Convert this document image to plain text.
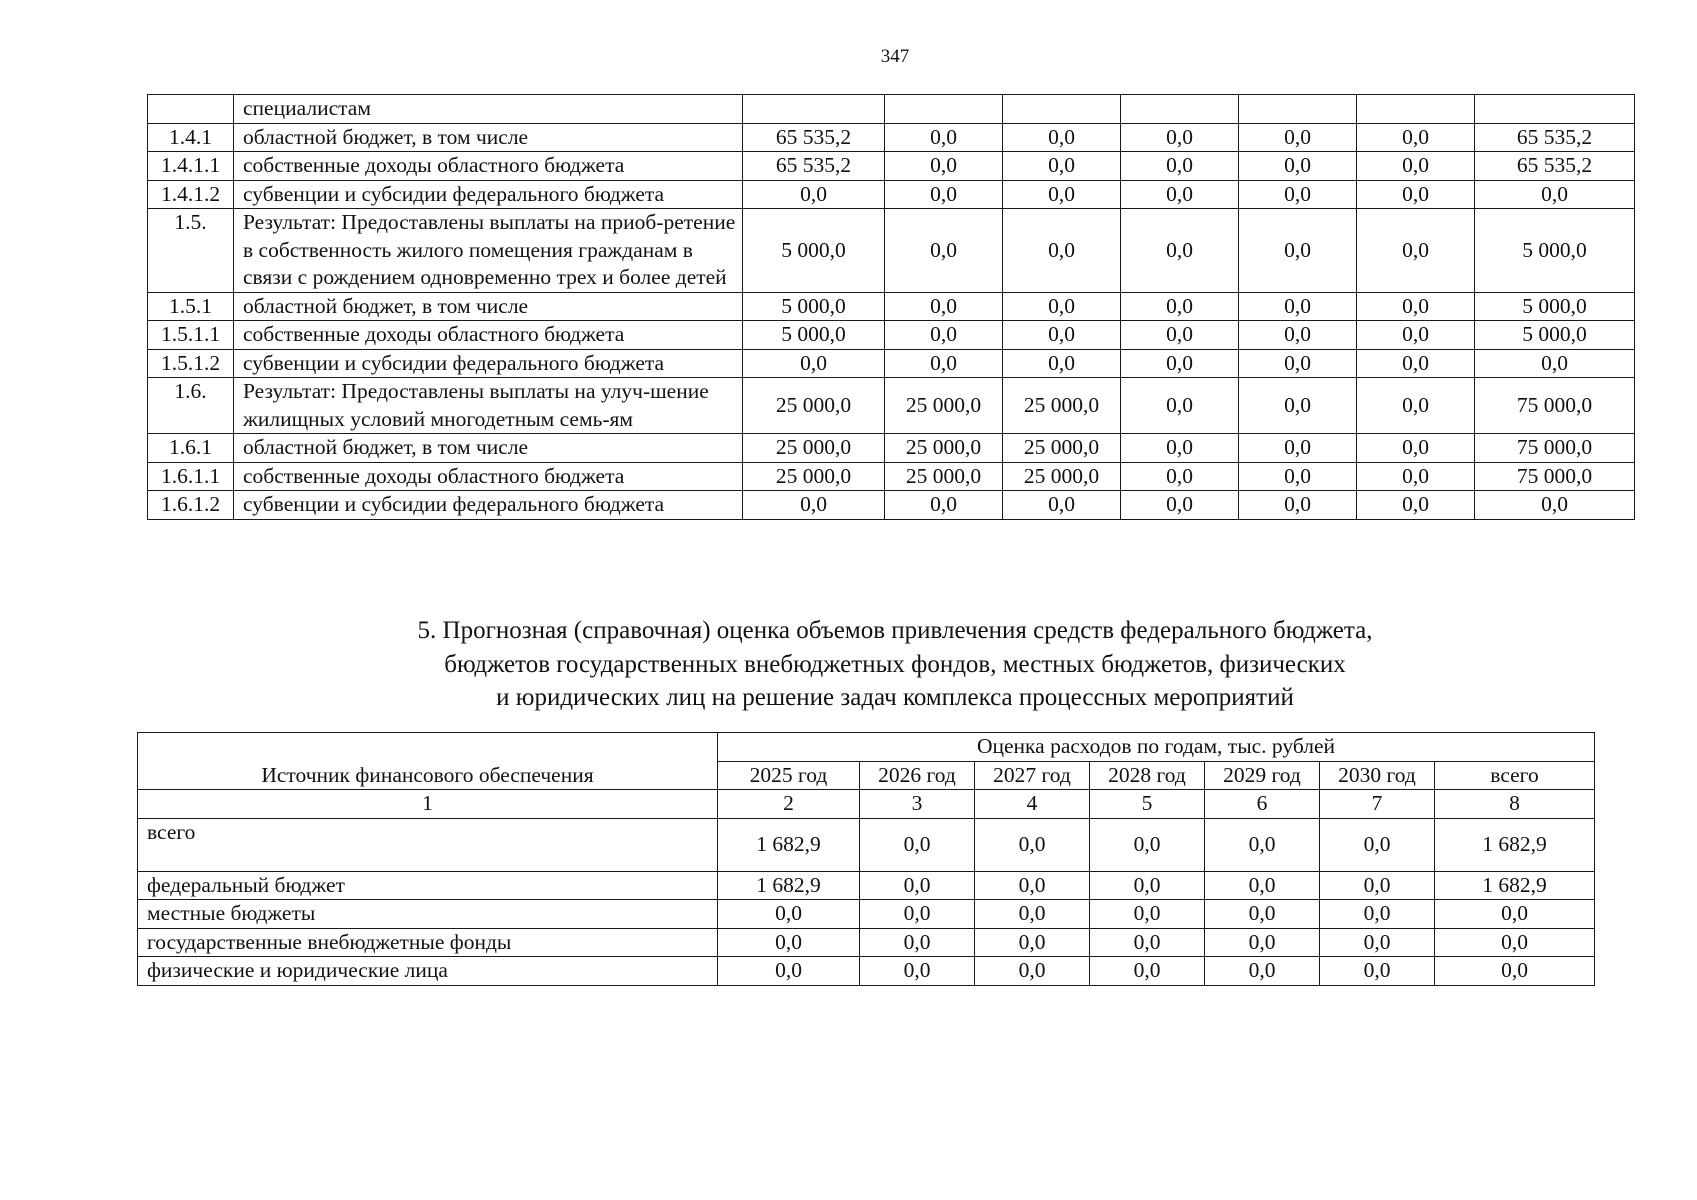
347
	специалистам							
1.4.1	областной бюджет, в том числе	65 535,2	0,0	0,0	0,0	0,0	0,0	65 535,2
1.4.1.1	собственные доходы областного бюджета	65 535,2	0,0	0,0	0,0	0,0	0,0	65 535,2
1.4.1.2	субвенции и субсидии федерального бюджета	0,0	0,0	0,0	0,0	0,0	0,0	0,0
1.5.	Результат: Предоставлены выплаты на приоб-ретение в собственность жилого помещения гражданам в связи с рождением одновременно трех и более детей	5 000,0	0,0	0,0	0,0	0,0	0,0	5 000,0
1.5.1	областной бюджет, в том числе	5 000,0	0,0	0,0	0,0	0,0	0,0	5 000,0
1.5.1.1	собственные доходы областного бюджета	5 000,0	0,0	0,0	0,0	0,0	0,0	5 000,0
1.5.1.2	субвенции и субсидии федерального бюджета	0,0	0,0	0,0	0,0	0,0	0,0	0,0
1.6.	Результат: Предоставлены выплаты на улуч-шение жилищных условий многодетным семь-ям	25 000,0	25 000,0	25 000,0	0,0	0,0	0,0	75 000,0
1.6.1	областной бюджет, в том числе	25 000,0	25 000,0	25 000,0	0,0	0,0	0,0	75 000,0
1.6.1.1	собственные доходы областного бюджета	25 000,0	25 000,0	25 000,0	0,0	0,0	0,0	75 000,0
1.6.1.2	субвенции и субсидии федерального бюджета	0,0	0,0	0,0	0,0	0,0	0,0	0,0
5. Прогнозная (справочная) оценка объемов привлечения средств федерального бюджета,
бюджетов государственных внебюджетных фондов, местных бюджетов, физических
и юридических лиц на решение задач комплекса процессных мероприятий
Источник финансового обеспечения	Оценка расходов по годам, тыс. рублей						
	2025 год	2026 год	2027 год	2028 год	2029 год	2030 год	всего
1	2	3	4	5	6	7	8
всего	1 682,9	0,0	0,0	0,0	0,0	0,0	1 682,9
федеральный бюджет	1 682,9	0,0	0,0	0,0	0,0	0,0	1 682,9
местные бюджеты	0,0	0,0	0,0	0,0	0,0	0,0	0,0
государственные внебюджетные фонды	0,0	0,0	0,0	0,0	0,0	0,0	0,0
физические и юридические лица	0,0	0,0	0,0	0,0	0,0	0,0	0,0
